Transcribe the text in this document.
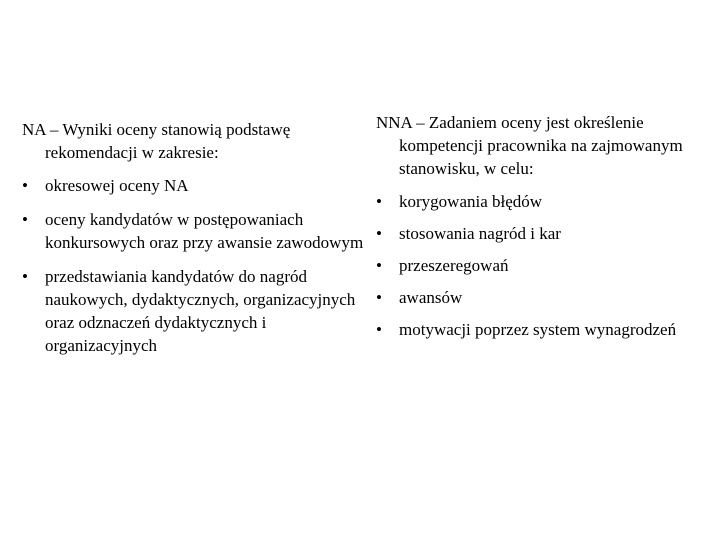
NA – Wyniki oceny stanowią podstawę rekomendacji w zakresie:

• okresowej oceny NA
• oceny kandydatów w postępowaniach konkursowych oraz przy awansie zawodowym
• przedstawiania kandydatów do nagród naukowych, dydaktycznych, organizacyjnych oraz odznaczeń dydaktycznych i organizacyjnych

NNA – Zadaniem oceny jest określenie kompetencji pracownika na zajmowanym stanowisku, w celu:

• korygowania błędów
• stosowania nagród i kar
• przeszeregowań
• awansów
• motywacji poprzez system wynagrodzeń
